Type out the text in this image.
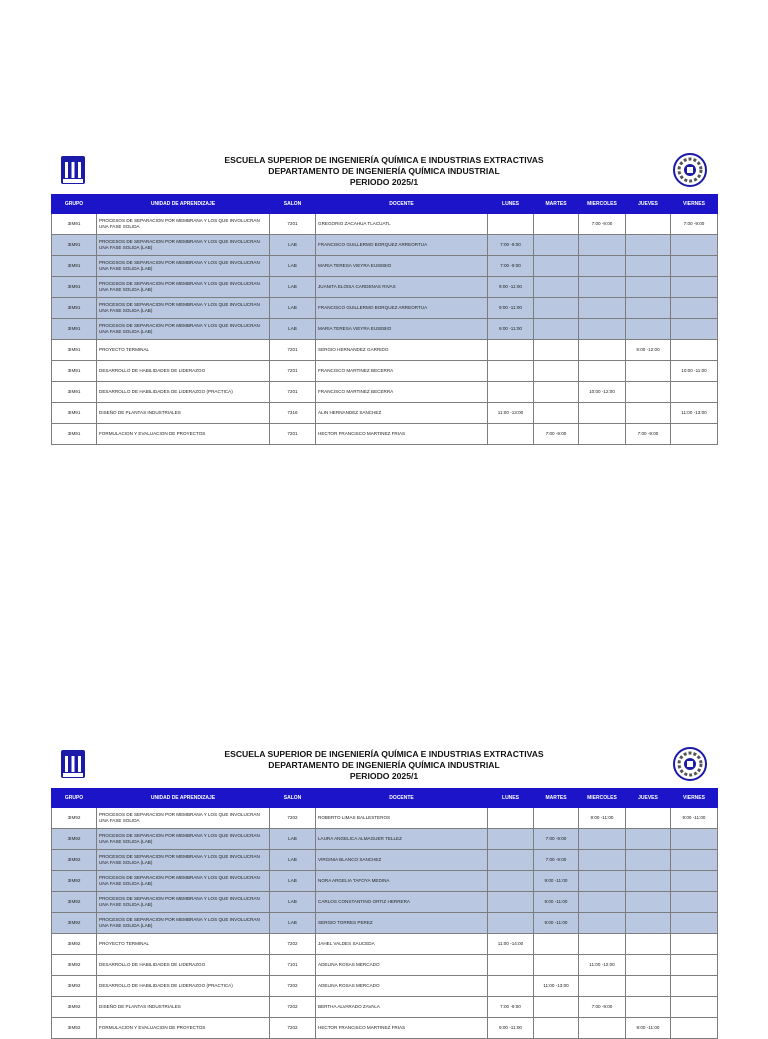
ESCUELA SUPERIOR DE INGENIERÍA QUÍMICA E INDUSTRIAS EXTRACTIVAS
DEPARTAMENTO DE INGENIERÍA QUÍMICA INDUSTRIAL
PERIODO 2025/1
GRUPO	UNIDAD DE APRENDIZAJE	SALON	DOCENTE	LUNES	MARTES	MIERCOLES	JUEVES	VIERNES
3IM91	PROCESOS DE SEPARACION POR MEMBRANA Y LOS QUE INVOLUCRAN UNA FASE SOLIDA	7201	GREGORIO ZACAHUA TLACUATL			7:00 -9:00		7:00 -9:00
3IM91	PROCESOS DE SEPARACION POR MEMBRANA Y LOS QUE INVOLUCRAN UNA FASE SOLIDA (LAB)	LAB	FRANCISCO GUILLERMO BORQUEZ ARREORTUA	7:00 -9:00				
3IM91	PROCESOS DE SEPARACION POR MEMBRANA Y LOS QUE INVOLUCRAN UNA FASE SOLIDA (LAB)	LAB	MARIA TERESA VIEYRA EUSEBIO	7:00 -9:00				
3IM91	PROCESOS DE SEPARACION POR MEMBRANA Y LOS QUE INVOLUCRAN UNA FASE SOLIDA (LAB)	LAB	JUANITA ELOISA CARDENAS RIVAS	9:00 -11:00				
3IM91	PROCESOS DE SEPARACION POR MEMBRANA Y LOS QUE INVOLUCRAN UNA FASE SOLIDA (LAB)	LAB	FRANCISCO GUILLERMO BORQUEZ ARREORTUA	9:00 -11:00				
3IM91	PROCESOS DE SEPARACION POR MEMBRANA Y LOS QUE INVOLUCRAN UNA FASE SOLIDA (LAB)	LAB	MARIA TERESA VIEYRA EUSEBIO	9:00 -11:00				
3IM91	PROYECTO TERMINAL	7201	SERGIO HERNANDEZ GARRIDO				9:00 -12:00	
3IM91	DESARROLLO DE HABILIDADES DE LIDERAZGO	7201	FRANCISCO MARTINEZ BECERRA					10:00 -11:00
3IM91	DESARROLLO DE HABILIDADES DE LIDERAZGO (PRACTICA)	7201	FRANCISCO MARTINEZ BECERRA			10:00 -12:00		
3IM91	DISEÑO DE PLANTAS INDUSTRIALES	7316	ALIN HERNANDEZ SANCHEZ	11:00 -13:00				11:00 -13:00
3IM91	FORMULACION Y EVALUACION DE PROYECTOS	7201	HECTOR FRANCISCO MARTINEZ FRIAS		7:00 -9:00		7:00 -9:00	
ESCUELA SUPERIOR DE INGENIERÍA QUÍMICA E INDUSTRIAS EXTRACTIVAS
DEPARTAMENTO DE INGENIERÍA QUÍMICA INDUSTRIAL
PERIODO 2025/1
GRUPO	UNIDAD DE APRENDIZAJE	SALON	DOCENTE	LUNES	MARTES	MIERCOLES	JUEVES	VIERNES
3IM92	PROCESOS DE SEPARACION POR MEMBRANA Y LOS QUE INVOLUCRAN UNA FASE SOLIDA	7202	ROBERTO LIMAS BALLESTEROS			9:00 -11:00		9:00 -11:00
3IM92	PROCESOS DE SEPARACION POR MEMBRANA Y LOS QUE INVOLUCRAN UNA FASE SOLIDA (LAB)	LAB	LAURA ANGELICA ALMAGUER TELLEZ		7:00 -9:00			
3IM92	PROCESOS DE SEPARACION POR MEMBRANA Y LOS QUE INVOLUCRAN UNA FASE SOLIDA (LAB)	LAB	VIRGINIA BLANCO SANCHEZ		7:00 -9:00			
3IM92	PROCESOS DE SEPARACION POR MEMBRANA Y LOS QUE INVOLUCRAN UNA FASE SOLIDA (LAB)	LAB	NORA ARGELIA TAFOYA MEDINA		9:00 -11:00			
3IM92	PROCESOS DE SEPARACION POR MEMBRANA Y LOS QUE INVOLUCRAN UNA FASE SOLIDA (LAB)	LAB	CARLOS CONSTANTINO ORTIZ HERRERA		9:00 -11:00			
3IM92	PROCESOS DE SEPARACION POR MEMBRANA Y LOS QUE INVOLUCRAN UNA FASE SOLIDA (LAB)	LAB	SERGIO TORRES PEREZ		9:00 -11:00			
3IM92	PROYECTO TERMINAL	7202	JAHEL VALDES SAUCEDA	11:00 -14:00				
3IM92	DESARROLLO DE HABILIDADES DE LIDERAZGO	7101	ADELINA ROSAS MERCADO			11:00 -12:00		
3IM92	DESARROLLO DE HABILIDADES DE LIDERAZGO (PRACTICA)	7202	ADELINA ROSAS MERCADO		11:00 -13:00			
3IM92	DISEÑO DE PLANTAS INDUSTRIALES	7202	BERTHA ALVARADO ZAVALA	7:00 -9:00		7:00 -9:00		
3IM92	FORMULACION Y EVALUACION DE PROYECTOS	7202	HECTOR FRANCISCO MARTINEZ FRIAS	9:00 -11:00			9:00 -11:00	
